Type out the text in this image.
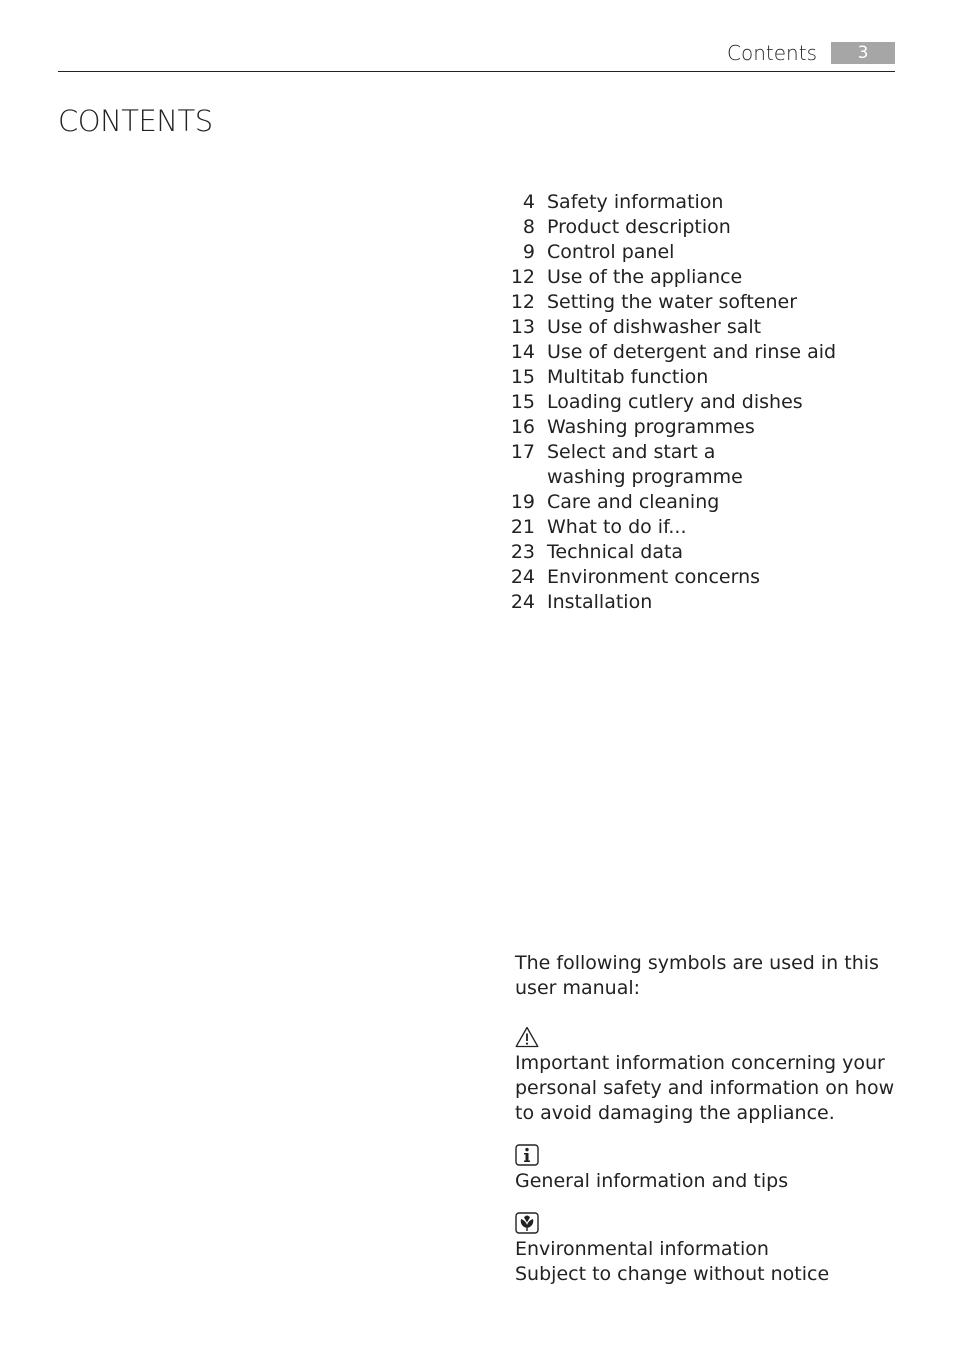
Contents	3
CONTENTS
4 Safety information
8 Product description
9 Control panel
12 Use of the appliance
12 Setting the water softener
13 Use of dishwasher salt
14 Use of detergent and rinse aid
15 Multitab function
15 Loading cutlery and dishes
16 Washing programmes
17 Select and start a washing programme
19 Care and cleaning
21 What to do if...
23 Technical data
24 Environment concerns
24 Installation

The following symbols are used in this user manual:

Important information concerning your personal safety and information on how to avoid damaging the appliance.

General information and tips

Environmental information

Subject to change without notice
